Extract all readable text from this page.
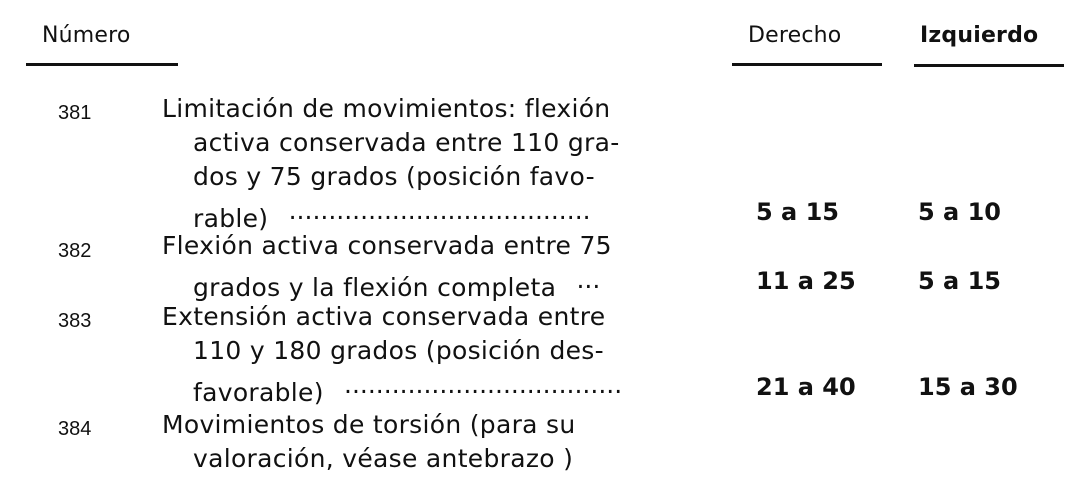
Número	Derecho	Izquierdo
381	Limitación de movimientos: flexión
activa conservada entre 110 gra-
dos y 75 grados (posición favo-
rable) ......................................	5 a 15	5 a 10
382	Flexión activa conservada entre 75
grados y la flexión completa ...	11 a 25	5 a 15
383	Extensión activa conservada entre
110 y 180 grados (posición des-
favorable) ...................................	21 a 40	15 a 30
384	Movimientos de torsión (para su
valoración, véase antebrazo )
